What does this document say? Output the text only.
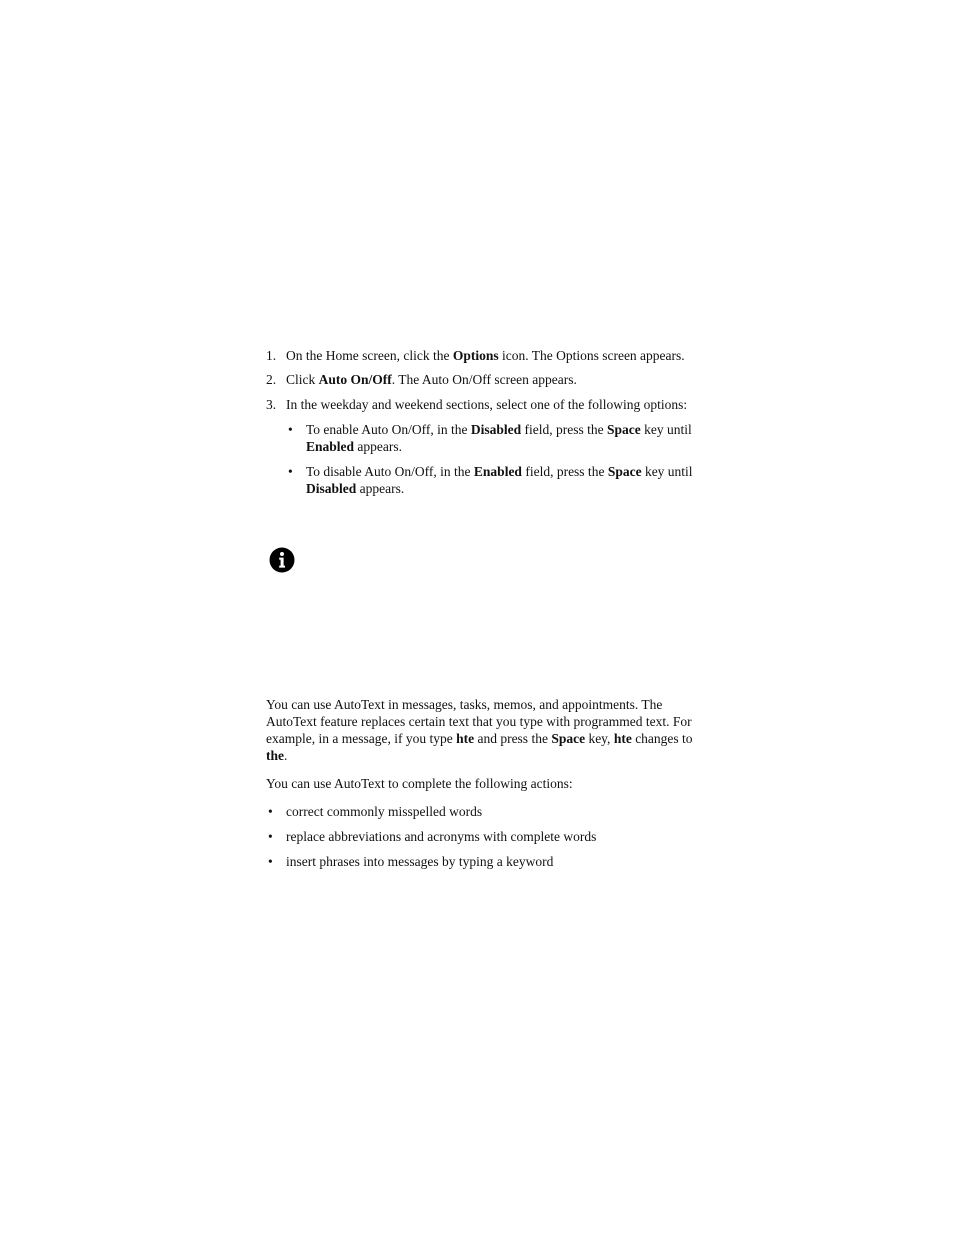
1. On the Home screen, click the Options icon. The Options screen appears.
2. Click Auto On/Off. The Auto On/Off screen appears.
3. In the weekday and weekend sections, select one of the following options:
• To enable Auto On/Off, in the Disabled field, press the Space key until Enabled appears.
• To disable Auto On/Off, in the Enabled field, press the Space key until Disabled appears.

You can use AutoText in messages, tasks, memos, and appointments. The AutoText feature replaces certain text that you type with programmed text. For example, in a message, if you type hte and press the Space key, hte changes to the.

You can use AutoText to complete the following actions:

• correct commonly misspelled words
• replace abbreviations and acronyms with complete words
• insert phrases into messages by typing a keyword
